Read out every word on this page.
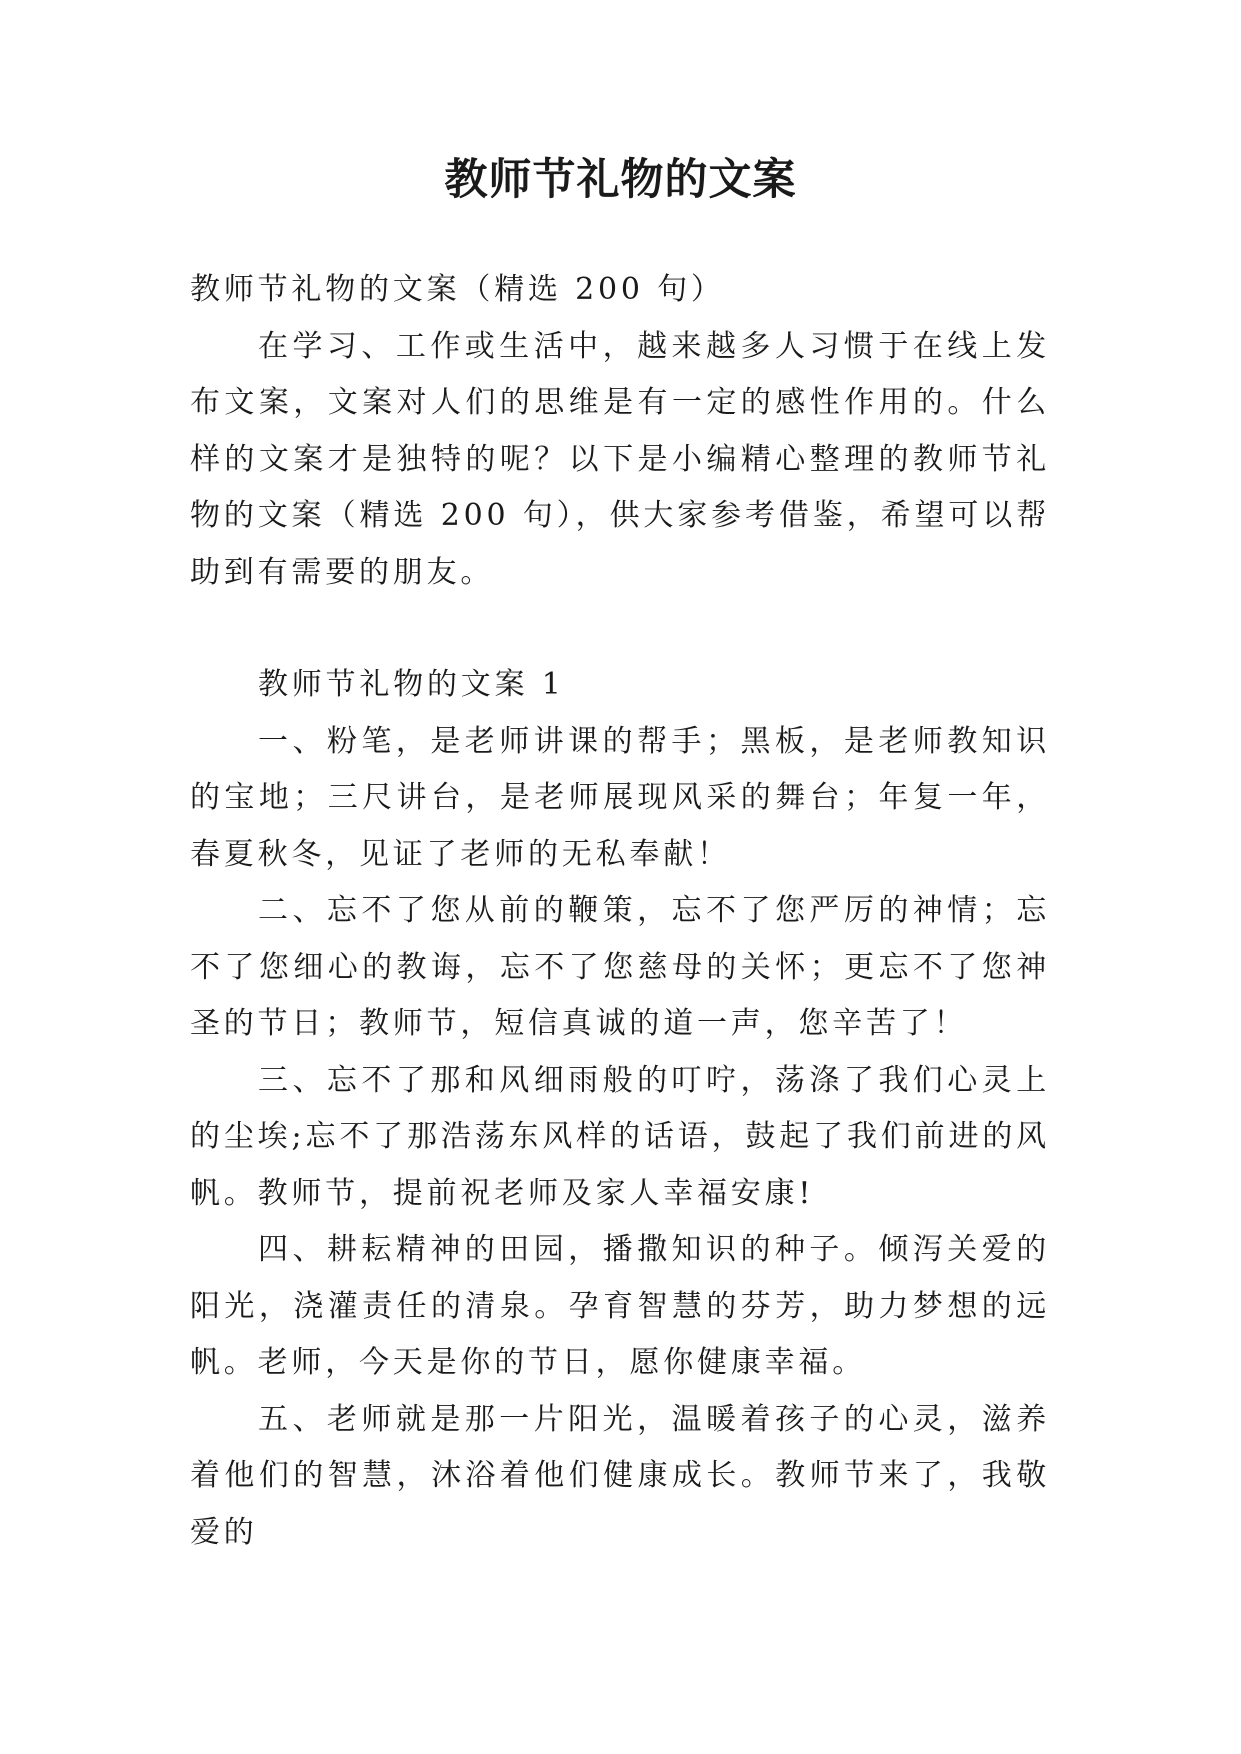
教师节礼物的文案

教师节礼物的文案（精选 200 句）

在学习、工作或生活中，越来越多人习惯于在线上发布文案，文案对人们的思维是有一定的感性作用的。什么样的文案才是独特的呢？以下是小编精心整理的教师节礼物的文案（精选 200 句），供大家参考借鉴，希望可以帮助到有需要的朋友。

教师节礼物的文案 1

一、粉笔，是老师讲课的帮手；黑板，是老师教知识的宝地；三尺讲台，是老师展现风采的舞台；年复一年，春夏秋冬，见证了老师的无私奉献！

二、忘不了您从前的鞭策，忘不了您严厉的神情；忘不了您细心的教诲，忘不了您慈母的关怀；更忘不了您神圣的节日；教师节，短信真诚的道一声，您辛苦了！

三、忘不了那和风细雨般的叮咛，荡涤了我们心灵上的尘埃;忘不了那浩荡东风样的话语，鼓起了我们前进的风帆。教师节，提前祝老师及家人幸福安康!

四、耕耘精神的田园，播撒知识的种子。倾泻关爱的阳光，浇灌责任的清泉。孕育智慧的芬芳，助力梦想的远帆。老师，今天是你的节日，愿你健康幸福。

五、老师就是那一片阳光，温暖着孩子的心灵，滋养着他们的智慧，沐浴着他们健康成长。教师节来了，我敬爱的
